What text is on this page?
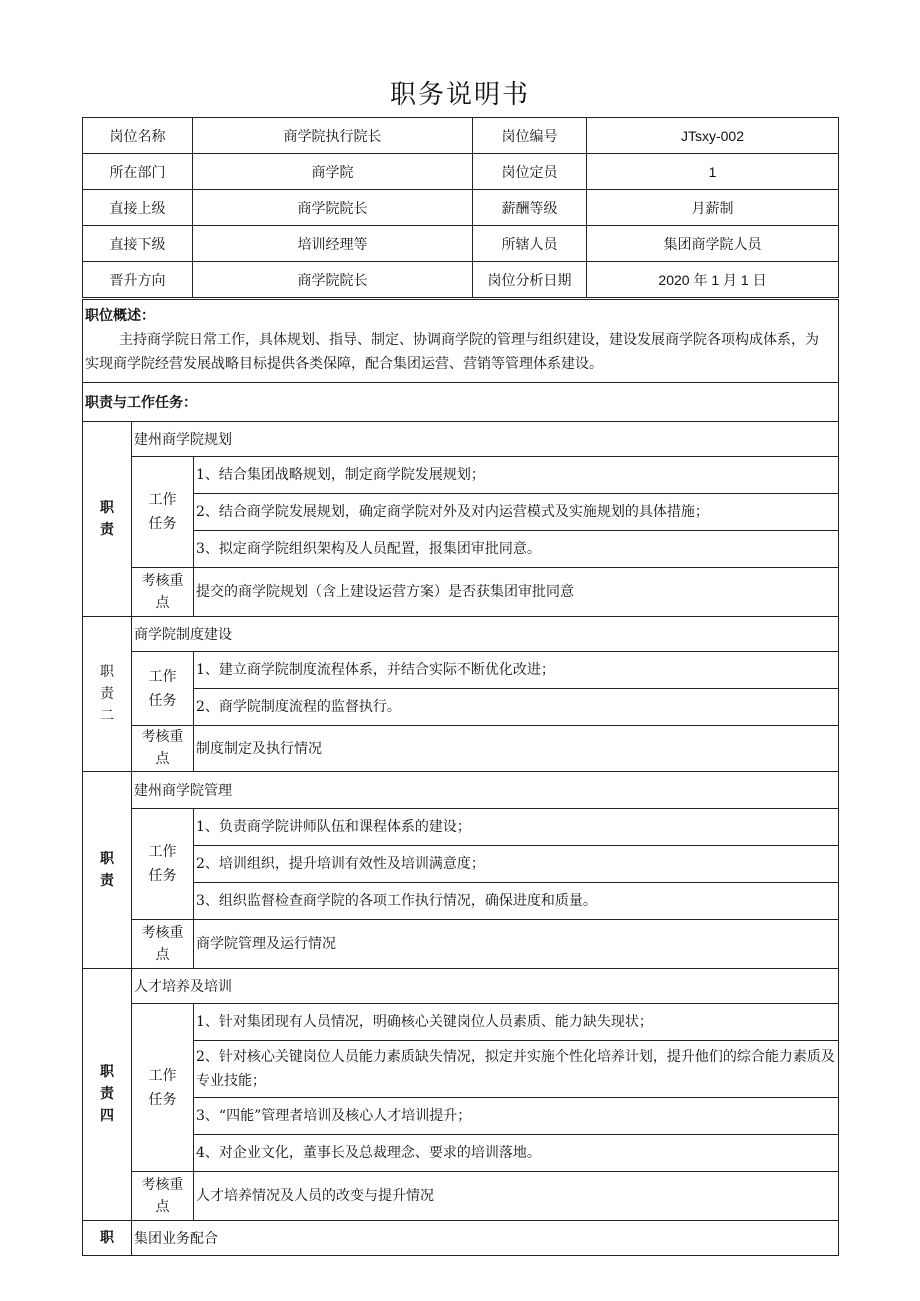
职务说明书
岗位名称	商学院执行院长	岗位编号	JTsxy-002
所在部门	商学院	岗位定员	1
直接上级	商学院院长	薪酬等级	月薪制
直接下级	培训经理等	所辖人员	集团商学院人员
晋升方向	商学院院长	岗位分析日期	2020 年 1 月 1 日
职位概述：
主持商学院日常工作，具体规划、指导、制定、协调商学院的管理与组织建设，建设发展商学院各项构成体系，为实现商学院经营发展战略目标提供各类保障，配合集团运营、营销等管理体系建设。		

职责与工作任务：		
职责	建州商学院规划	
	工作任务	1、结合集团战略规划，制定商学院发展规划；
		2、结合商学院发展规划，确定商学院对外及对内运营模式及实施规划的具体措施；
		3、拟定商学院组织架构及人员配置，报集团审批同意。
	考核重点	提交的商学院规划（含上建设运营方案）是否获集团审批同意
职责二	商学院制度建设	
	工作任务	1、建立商学院制度流程体系，并结合实际不断优化改进；
		2、商学院制度流程的监督执行。
	考核重点	制度制定及执行情况
职责	建州商学院管理	
	工作任务	1、负责商学院讲师队伍和课程体系的建设；
		2、培训组织，提升培训有效性及培训满意度；
		3、组织监督检查商学院的各项工作执行情况，确保进度和质量。
	考核重点	商学院管理及运行情况
职责四	人才培养及培训	
	工作任务	1、针对集团现有人员情况，明确核心关键岗位人员素质、能力缺失现状；
		2、针对核心关键岗位人员能力素质缺失情况，拟定并实施个性化培养计划，提升他们的综合能力素质及专业技能；
		3、“四能”管理者培训及核心人才培训提升；
		4、对企业文化，董事长及总裁理念、要求的培训落地。
	考核重点	人才培养情况及人员的改变与提升情况
职	集团业务配合	
